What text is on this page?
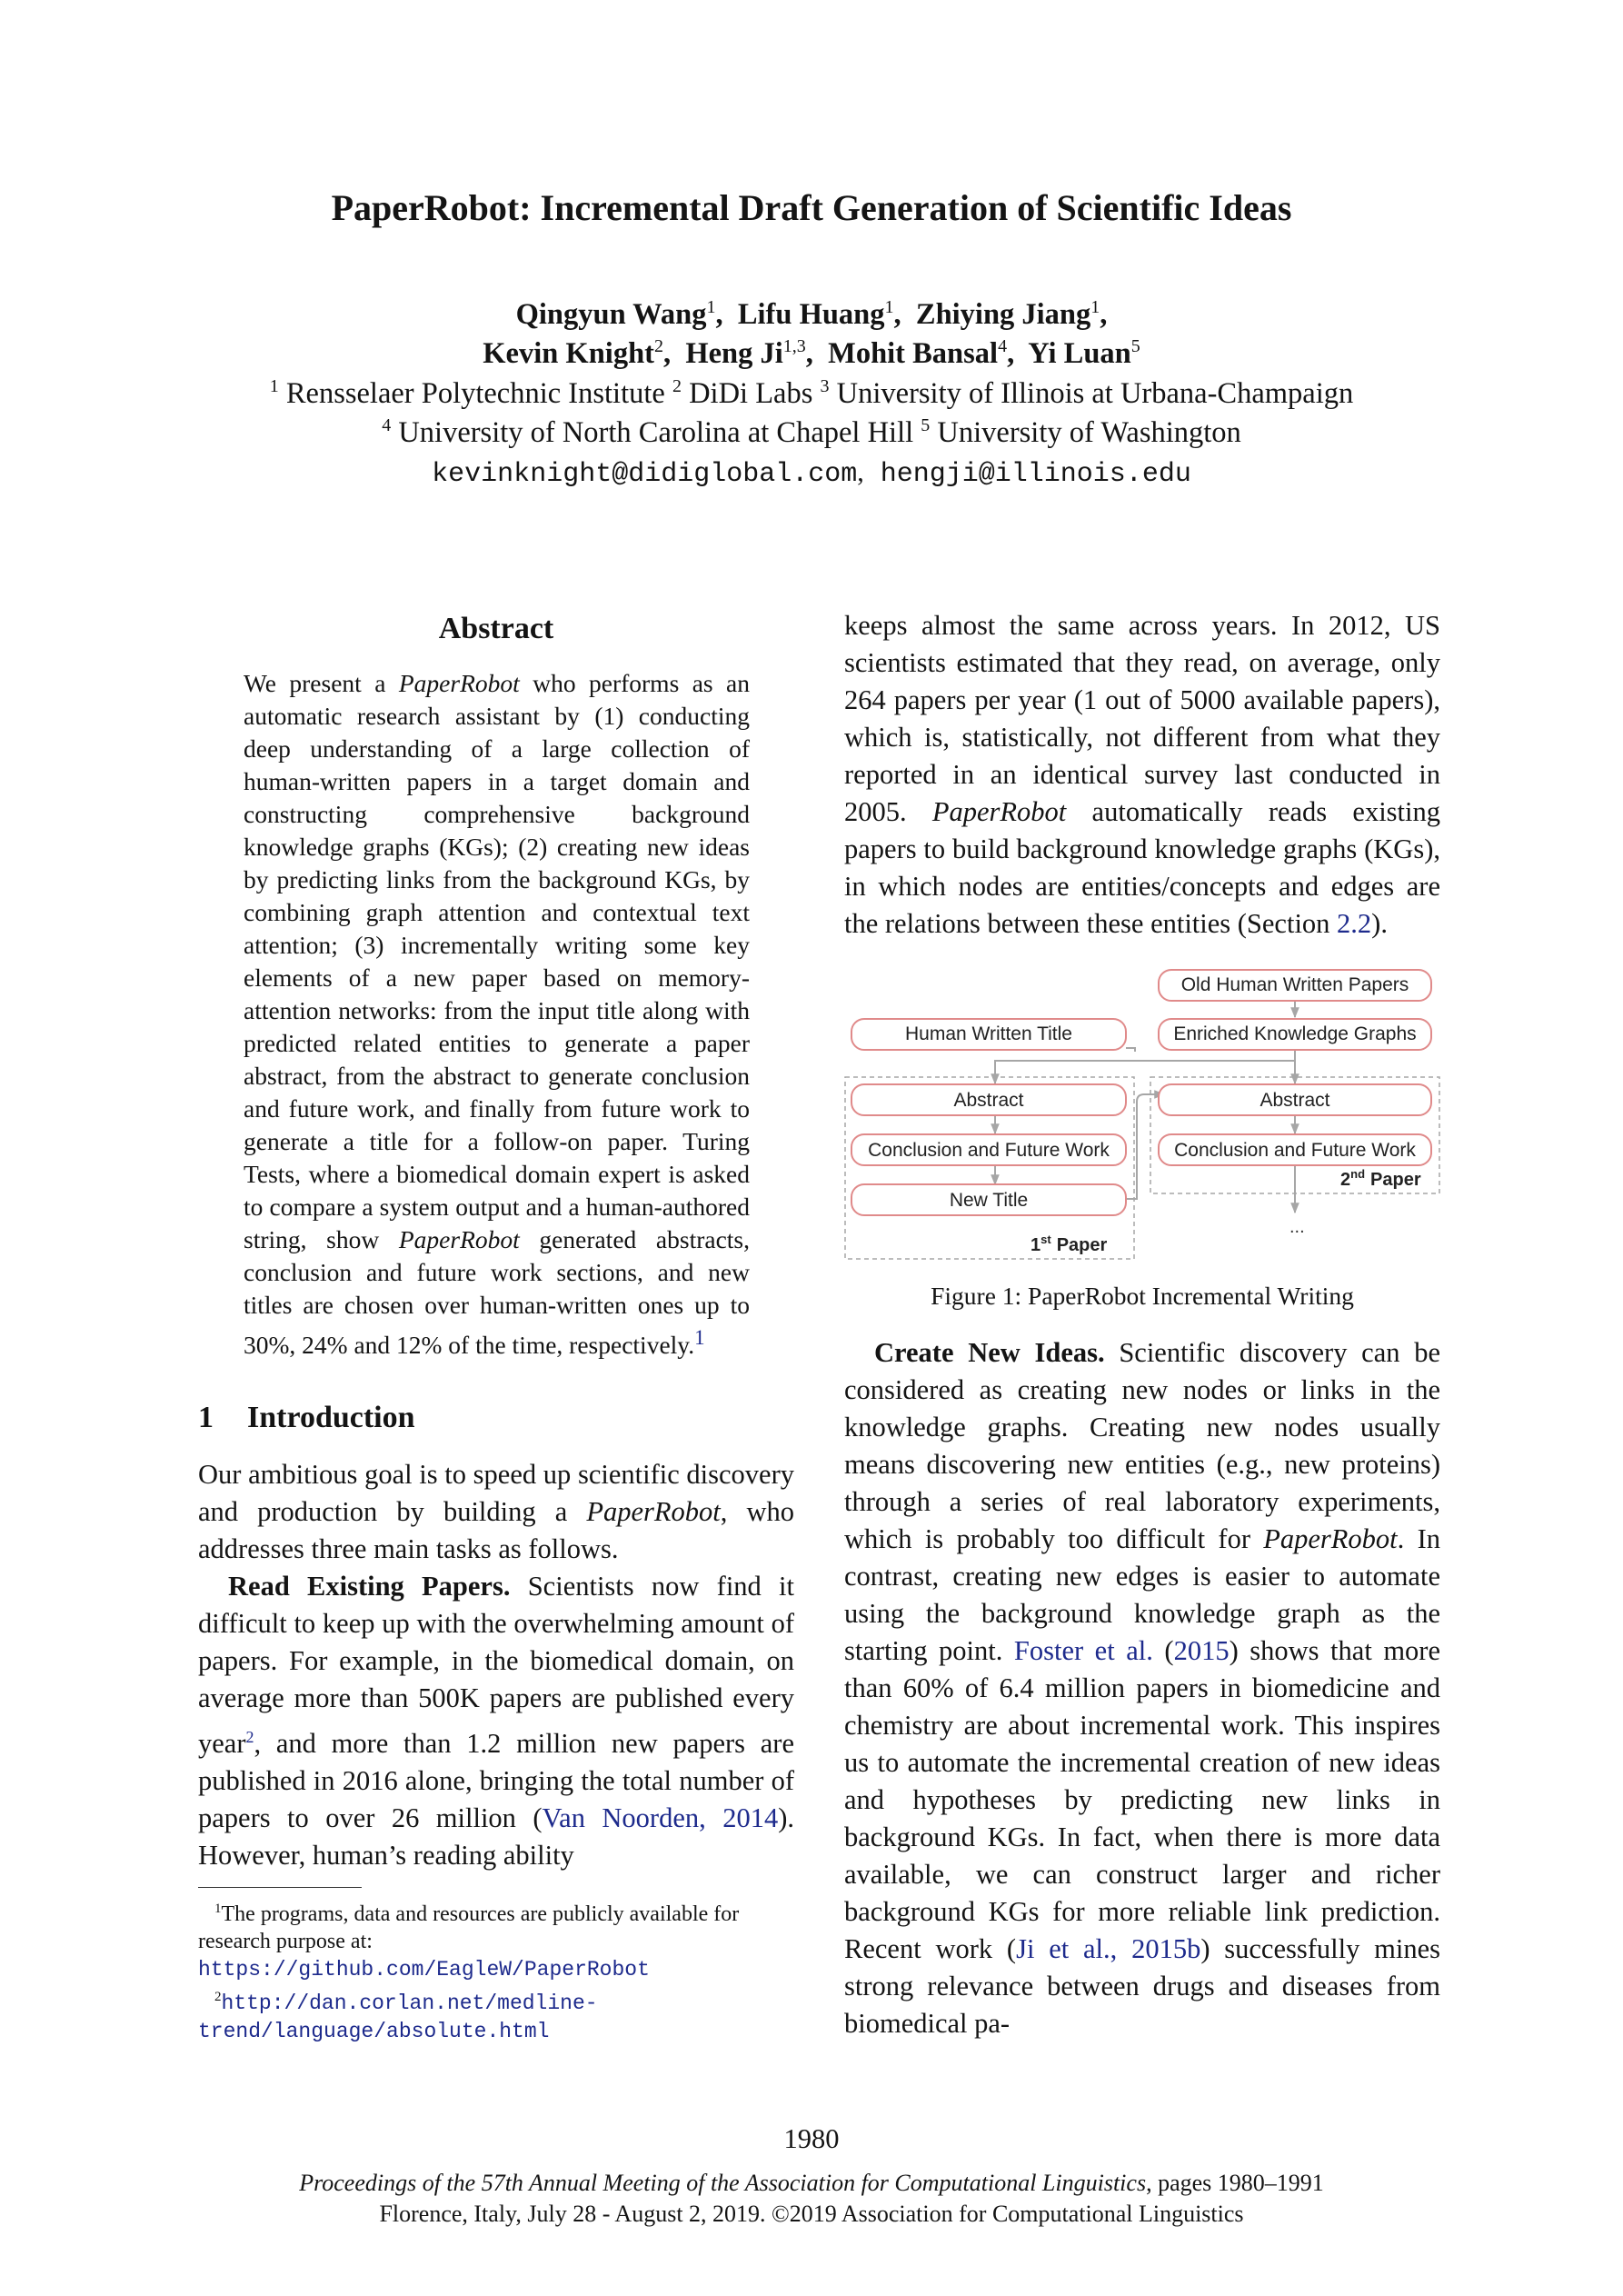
PaperRobot: Incremental Draft Generation of Scientific Ideas
Qingyun Wang$^1$,  Lifu Huang$^1$,  Zhiying Jiang$^1$,
Kevin Knight$^2$,  Heng Ji$^{1,3}$,  Mohit Bansal$^4$,  Yi Luan$^5$
$^1$ Rensselaer Polytechnic Institute $^2$ DiDi Labs $^3$ University of Illinois at Urbana-Champaign
$^4$ University of North Carolina at Chapel Hill $^5$ University of Washington
kevinknight@didiglobal.com, hengji@illinois.edu
Abstract

We present a PaperRobot who performs as an automatic research assistant by (1) conducting deep understanding of a large collection of human-written papers in a target domain and constructing comprehensive background knowledge graphs (KGs); (2) creating new ideas by predicting links from the background KGs, by combining graph attention and contextual text attention; (3) incrementally writing some key elements of a new paper based on memory-attention networks: from the input title along with predicted related entities to generate a paper abstract, from the abstract to generate conclusion and future work, and finally from future work to generate a title for a follow-on paper. Turing Tests, where a biomedical domain expert is asked to compare a system output and a human-authored string, show PaperRobot generated abstracts, conclusion and future work sections, and new titles are chosen over human-written ones up to 30%, 24% and 12% of the time, respectively.$^1$

1 Introduction

Our ambitious goal is to speed up scientific discovery and production by building a PaperRobot, who addresses three main tasks as follows.

Read Existing Papers. Scientists now find it difficult to keep up with the overwhelming amount of papers. For example, in the biomedical domain, on average more than 500K papers are published every year$^2$, and more than 1.2 million new papers are published in 2016 alone, bringing the total number of papers to over 26 million (Van Noorden, 2014). However, human’s reading ability

$^1$The programs, data and resources are publicly available for research purpose at: https://github.com/EagleW/PaperRobot

$^2$http://dan.corlan.net/medline-trend/language/absolute.html

keeps almost the same across years. In 2012, US scientists estimated that they read, on average, only 264 papers per year (1 out of 5000 available papers), which is, statistically, not different from what they reported in an identical survey last conducted in 2005. PaperRobot automatically reads existing papers to build background knowledge graphs (KGs), in which nodes are entities/concepts and edges are the relations between these entities (Section 2.2).

Old Human Written Papers
Enriched Knowledge Graphs
Human Written Title
Abstract
Conclusion and Future Work
New Title
Abstract
Conclusion and Future Work
1st Paper
2nd Paper
...
Figure 1: PaperRobot Incremental Writing

Create New Ideas. Scientific discovery can be considered as creating new nodes or links in the knowledge graphs. Creating new nodes usually means discovering new entities (e.g., new proteins) through a series of real laboratory experiments, which is probably too difficult for PaperRobot. In contrast, creating new edges is easier to automate using the background knowledge graph as the starting point. Foster et al. (2015) shows that more than 60% of 6.4 million papers in biomedicine and chemistry are about incremental work. This inspires us to automate the incremental creation of new ideas and hypotheses by predicting new links in background KGs. In fact, when there is more data available, we can construct larger and richer background KGs for more reliable link prediction. Recent work (Ji et al., 2015b) successfully mines strong relevance between drugs and diseases from biomedical pa-

1980
Proceedings of the 57th Annual Meeting of the Association for Computational Linguistics, pages 1980–1991
Florence, Italy, July 28 - August 2, 2019. ©2019 Association for Computational Linguistics
